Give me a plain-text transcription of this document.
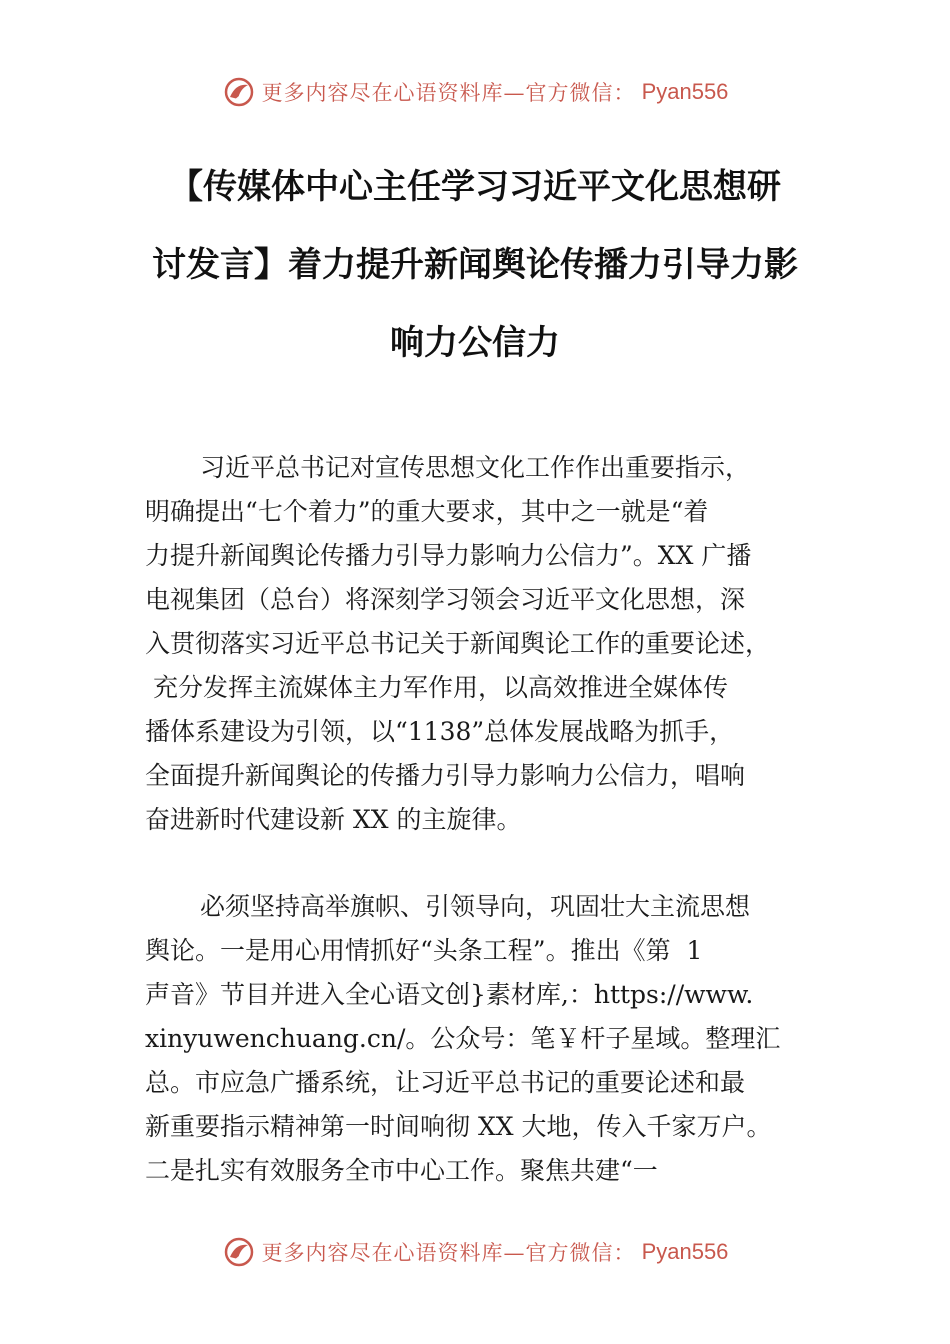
更多内容尽在心语资料库—官方微信： Pyan556
【传媒体中心主任学习习近平文化思想研
讨发言】着力提升新闻舆论传播力引导力影
响力公信力
习近平总书记对宣传思想文化工作作出重要指示，
明确提出“七个着力”的重大要求，其中之一就是“着
力提升新闻舆论传播力引导力影响力公信力”。XX 广播
电视集团（总台）将深刻学习领会习近平文化思想，深
入贯彻落实习近平总书记关于新闻舆论工作的重要论述，
充分发挥主流媒体主力军作用，以高效推进全媒体传
播体系建设为引领，以“1138”总体发展战略为抓手，
全面提升新闻舆论的传播力引导力影响力公信力，唱响
奋进新时代建设新 XX 的主旋律。
必须坚持高举旗帜、引领导向，巩固壮大主流思想
舆论。一是用心用情抓好“头条工程”。推出《第  1
声音》节目并进入全心语文创}素材库,：https://www.
xinyuwenchuang.cn/。公众号：笔￥杆子星域。整理汇
总。市应急广播系统，让习近平总书记的重要论述和最
新重要指示精神第一时间响彻 XX 大地，传入千家万户。
二是扎实有效服务全市中心工作。聚焦共建“一
更多内容尽在心语资料库—官方微信： Pyan556
